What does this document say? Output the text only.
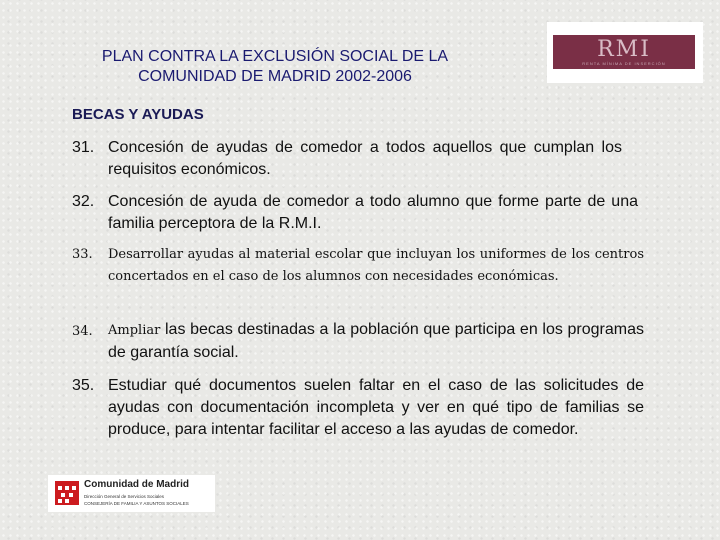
PLAN CONTRA LA EXCLUSIÓN SOCIAL DE LA
COMUNIDAD DE MADRID 2002-2006
RMI
RENTA MÍNIMA DE INSERCIÓN
BECAS Y AYUDAS
31. Concesión de ayudas de comedor a todos aquellos que cumplan los requisitos económicos.
32. Concesión de ayuda de comedor a todo alumno que forme parte de una familia perceptora de la R.M.I.
33. Desarrollar ayudas al material escolar que incluyan los uniformes de los centros concertados en el caso de los alumnos con necesidades económicas.
34. Ampliar las becas destinadas a la población que participa en los programas de garantía social.
35. Estudiar qué documentos suelen faltar en el caso de las solicitudes de ayudas con documentación incompleta y ver en qué tipo de familias se produce, para intentar facilitar el acceso a las ayudas de comedor.
Comunidad de Madrid
Dirección General de Servicios Sociales
CONSEJERÍA DE FAMILIA Y ASUNTOS SOCIALES
